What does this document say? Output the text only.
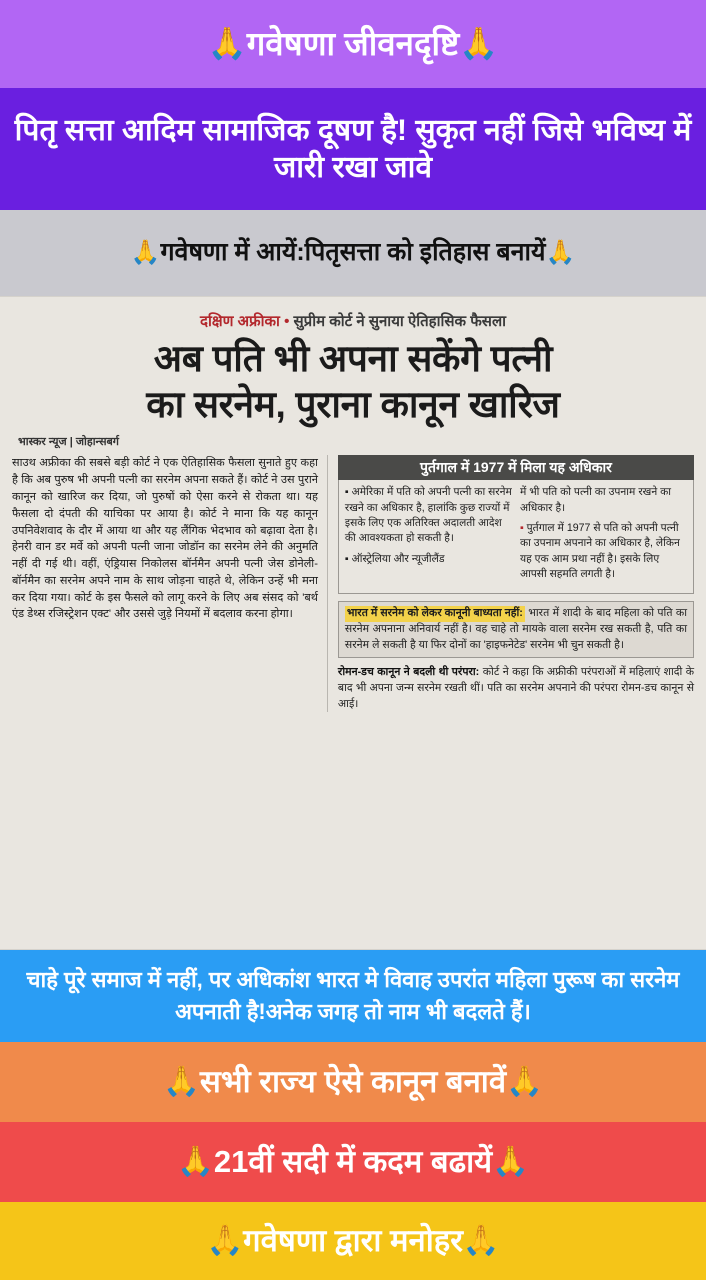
🙏 गवेषणा जीवनदृष्टि 🙏
पितृ सत्ता आदिम सामाजिक दूषण है! सुकृत नहीं जिसे भविष्य में जारी रखा जावे
🙏 गवेषणा में आयें:पितृसत्ता को इतिहास बनायें 🙏
दक्षिण अफ्रीका • सुप्रीम कोर्ट ने सुनाया ऐतिहासिक फैसला
अब पति भी अपना सकेंगे पत्नी
का सरनेम, पुराना कानून खारिज
भास्कर न्यूज | जोहान्सबर्ग
साउथ अफ्रीका की सबसे बड़ी कोर्ट ने एक ऐतिहासिक फैसला सुनाते हुए कहा है कि अब पुरुष भी अपनी पत्नी का सरनेम अपना सकते हैं। कोर्ट ने उस पुराने कानून को खारिज कर दिया, जो पुरुषों को ऐसा करने से रोकता था। यह फैसला दो दंपती की याचिका पर आया है। कोर्ट ने माना कि यह कानून उपनिवेशवाद के दौर में आया था और यह लैंगिक भेदभाव को बढ़ावा देता है। हेनरी वान डर मर्वे को अपनी पत्नी जाना जोडॉन का सरनेम लेने की अनुमति नहीं दी गई थी। वहीं, एंड्रियास निकोलस बॉर्नमैन अपनी पत्नी जेस डोनेली-बॉर्नमैन का सरनेम अपने नाम के साथ जोड़ना चाहते थे, लेकिन उन्हें भी मना कर दिया गया। कोर्ट के इस फैसले को लागू करने के लिए अब संसद को 'बर्थ एंड डेथ्स रजिस्ट्रेशन एक्ट' और उससे जुड़े नियमों में बदलाव करना होगा।
पुर्तगाल में 1977 में मिला यह अधिकार

▪ अमेरिका में पति को अपनी पत्नी का सरनेम रखने का अधिकार है, हालांकि कुछ राज्यों में इसके लिए एक अतिरिक्त अदालती आदेश की आवश्यकता हो सकती है।

▪ ऑस्ट्रेलिया और न्यूजीलैंड

में भी पति को पत्नी का उपनाम रखने का अधिकार है।

▪ पुर्तगाल में 1977 से पति को अपनी पत्नी का उपनाम अपनाने का अधिकार है, लेकिन यह एक आम प्रथा नहीं है। इसके लिए आपसी सहमति लगती है।

भारत में सरनेम को लेकर कानूनी बाध्यता नहीं: भारत में शादी के बाद महिला को पति का सरनेम अपनाना अनिवार्य नहीं है। वह चाहे तो मायके वाला सरनेम रख सकती है, पति का सरनेम ले सकती है या फिर दोनों का 'हाइफनेटेड' सरनेम भी चुन सकती है।
रोमन-डच कानून ने बदली थी परंपरा: कोर्ट ने कहा कि अफ्रीकी परंपराओं में महिलाएं शादी के बाद भी अपना जन्म सरनेम रखती थीं। पति का सरनेम अपनाने की परंपरा रोमन-डच कानून से आई।
चाहे पूरे समाज में नहीं, पर अधिकांश भारत मे विवाह उपरांत महिला पुरूष का सरनेम अपनाती है!अनेक जगह तो नाम भी बदलते हैं।
🙏 सभी राज्य ऐसे कानून बनावें 🙏
🙏 21वीं सदी में कदम बढायें 🙏
🙏 गवेषणा द्वारा मनोहर 🙏
